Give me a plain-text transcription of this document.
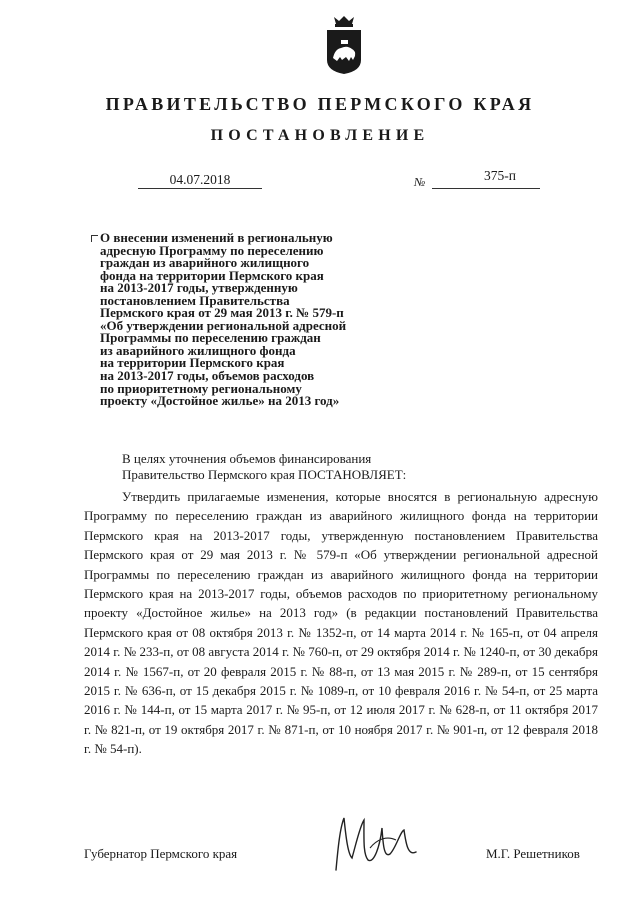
ПРАВИТЕЛЬСТВО ПЕРМСКОГО КРАЯ
ПОСТАНОВЛЕНИЕ
04.07.2018	№	375-п
О внесении изменений в региональную
адресную Программу по переселению
граждан из аварийного жилищного
фонда на территории Пермского края
на 2013-2017 годы, утвержденную
постановлением Правительства
Пермского края от 29 мая 2013 г. № 579-п
«Об утверждении региональной адресной
Программы по переселению граждан
из аварийного жилищного фонда
на территории Пермского края
на 2013-2017 годы, объемов расходов
по приоритетному региональному
проекту «Достойное жилье» на 2013 год»
В целях уточнения объемов финансирования
Правительство Пермского края ПОСТАНОВЛЯЕТ:
Утвердить прилагаемые изменения, которые вносятся в региональную адресную Программу по переселению граждан из аварийного жилищного фонда на территории Пермского края на 2013-2017 годы, утвержденную постановлением Правительства Пермского края от 29 мая 2013 г. № 579-п «Об утверждении региональной адресной Программы по переселению граждан из аварийного жилищного фонда на территории Пермского края на 2013-2017 годы, объемов расходов по приоритетному региональному проекту «Достойное жилье» на 2013 год» (в редакции постановлений Правительства Пермского края от 08 октября 2013 г. № 1352-п, от 14 марта 2014 г. № 165-п, от 04 апреля 2014 г. № 233-п, от 08 августа 2014 г. № 760-п, от 29 октября 2014 г. № 1240-п, от 30 декабря 2014 г. № 1567-п, от 20 февраля 2015 г. № 88-п, от 13 мая 2015 г. № 289-п, от 15 сентября 2015 г. № 636-п, от 15 декабря 2015 г. № 1089-п, от 10 февраля 2016 г. № 54-п, от 25 марта 2016 г. № 144-п, от 15 марта 2017 г. № 95-п, от 12 июля 2017 г. № 628-п, от 11 октября 2017 г. № 821-п, от 19 октября 2017 г. № 871-п, от 10 ноября 2017 г. № 901-п, от 12 февраля 2018 г. № 54-п).
Губернатор Пермского края	М.Г. Решетников
